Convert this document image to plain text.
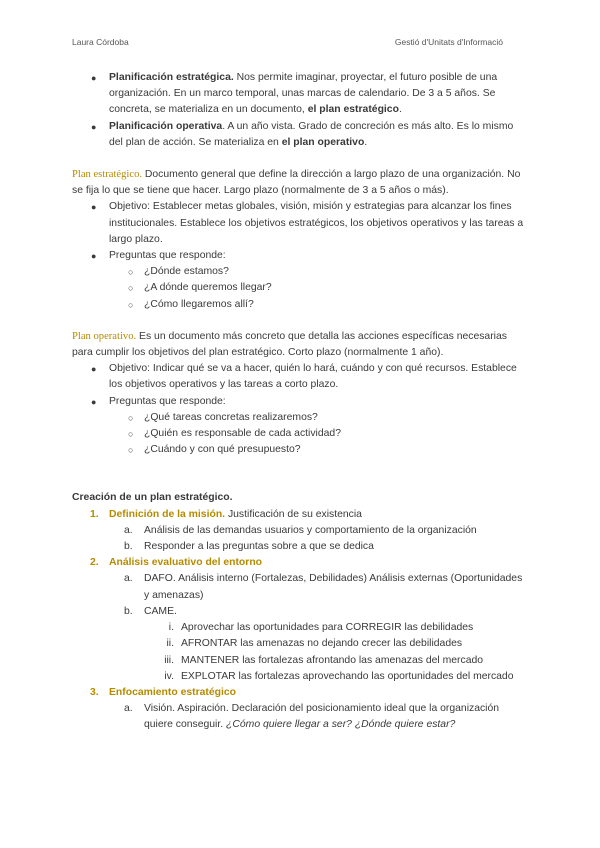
Laura Córdoba	Gestió d'Unitats d'Informació
● Planificación estratégica. Nos permite imaginar, proyectar, el futuro posible de una organización. En un marco temporal, unas marcas de calendario. De 3 a 5 años. Se concreta, se materializa en un documento, el plan estratégico.
● Planificación operativa. A un año vista. Grado de concreción es más alto. Es lo mismo del plan de acción. Se materializa en el plan operativo.

Plan estratégico. Documento general que define la dirección a largo plazo de una organización. No se fija lo que se tiene que hacer. Largo plazo (normalmente de 3 a 5 años o más).

● Objetivo: Establecer metas globales, visión, misión y estrategias para alcanzar los fines institucionales. Establece los objetivos estratégicos, los objetivos operativos y las tareas a largo plazo.
● Preguntas que responde:
○ ¿Dónde estamos?
○ ¿A dónde queremos llegar?
○ ¿Cómo llegaremos allí?

Plan operativo. Es un documento más concreto que detalla las acciones específicas necesarias para cumplir los objetivos del plan estratégico. Corto plazo (normalmente 1 año).

● Objetivo: Indicar qué se va a hacer, quién lo hará, cuándo y con qué recursos. Establece los objetivos operativos y las tareas a corto plazo.
● Preguntas que responde:
○ ¿Qué tareas concretas realizaremos?
○ ¿Quién es responsable de cada actividad?
○ ¿Cuándo y con qué presupuesto?

Creación de un plan estratégico.

1. Definición de la misión. Justificación de su existencia
a. Análisis de las demandas usuarios y comportamiento de la organización
b. Responder a las preguntas sobre a que se dedica
2. Análisis evaluativo del entorno
a. DAFO. Análisis interno (Fortalezas, Debilidades) Análisis externas (Oportunidades y amenazas)
b. CAME.
i. Aprovechar las oportunidades para CORREGIR las debilidades
ii. AFRONTAR las amenazas no dejando crecer las debilidades
iii. MANTENER las fortalezas afrontando las amenazas del mercado
iv. EXPLOTAR las fortalezas aprovechando las oportunidades del mercado
3. Enfocamiento estratégico
a. Visión. Aspiración. Declaración del posicionamiento ideal que la organización quiere conseguir. ¿Cómo quiere llegar a ser? ¿Dónde quiere estar?
